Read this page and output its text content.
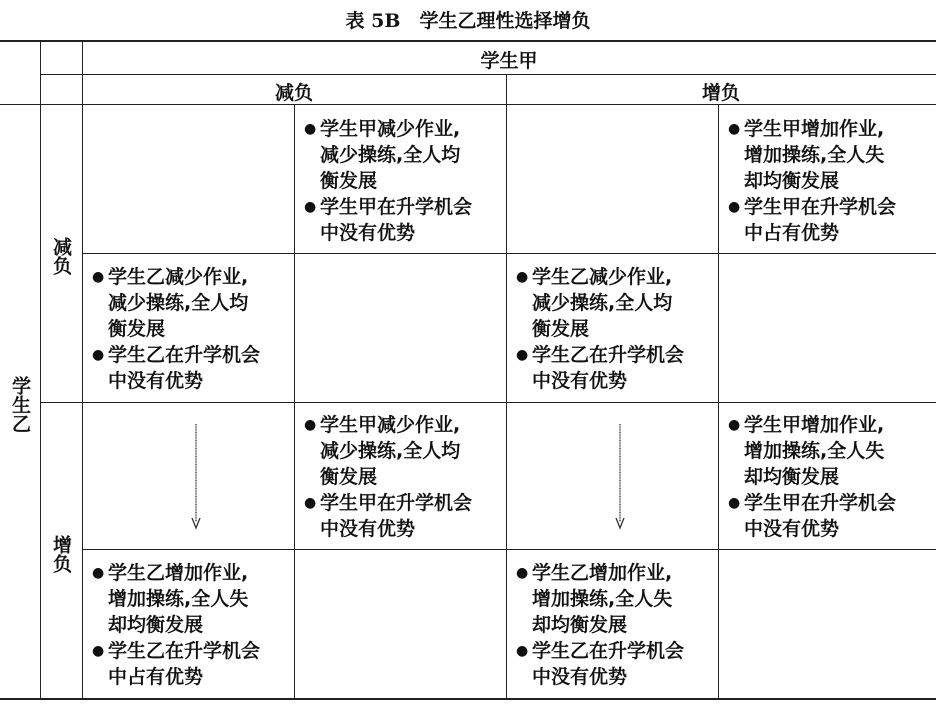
表 5B　学生乙理性选择增负
学生甲
减负	增负
学生乙
减负
增负
● 学生甲减少作业,
减少操练,全人均
衡发展
● 学生甲在升学机会
中没有优势
● 学生甲增加作业,
增加操练,全人失
却均衡发展
● 学生甲在升学机会
中占有优势
● 学生乙减少作业,
减少操练,全人均
衡发展
● 学生乙在升学机会
中没有优势
● 学生乙减少作业,
减少操练,全人均
衡发展
● 学生乙在升学机会
中没有优势
● 学生甲减少作业,
减少操练,全人均
衡发展
● 学生甲在升学机会
中没有优势
● 学生甲增加作业,
增加操练,全人失
却均衡发展
● 学生甲在升学机会
中没有优势
● 学生乙增加作业,
增加操练,全人失
却均衡发展
● 学生乙在升学机会
中占有优势
● 学生乙增加作业,
增加操练,全人失
却均衡发展
● 学生乙在升学机会
中没有优势
